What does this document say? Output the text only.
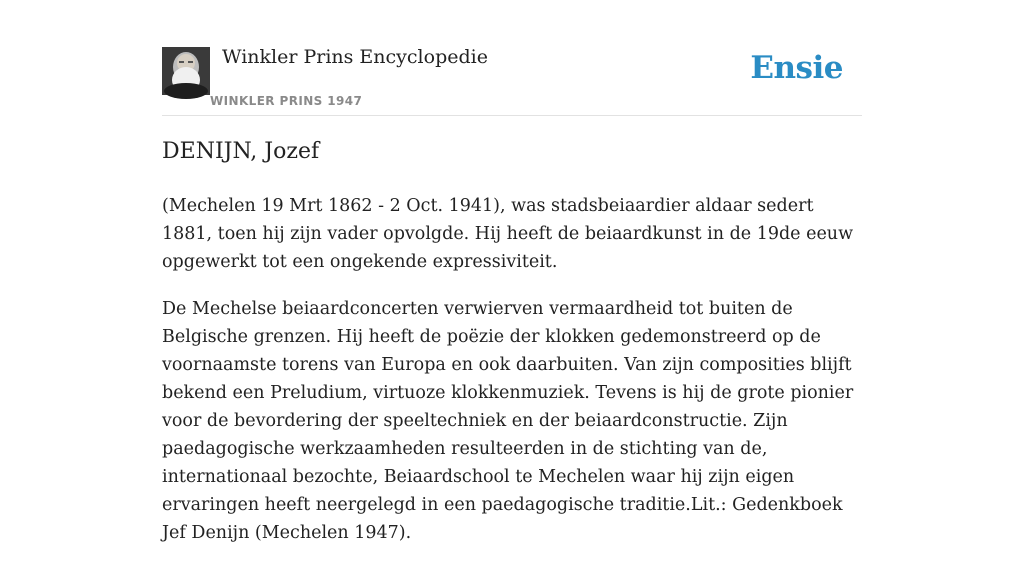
Winkler Prins Encyclopedie
WINKLER PRINS 1947
Ensie
DENIJN, Jozef

(Mechelen 19 Mrt 1862 - 2 Oct. 1941), was stadsbeiaardier aldaar sedert 1881, toen hij zijn vader opvolgde. Hij heeft de beiaardkunst in de 19de eeuw opgewerkt tot een ongekende expressiviteit.

De Mechelse beiaardconcerten verwierven vermaardheid tot buiten de Belgische grenzen. Hij heeft de poëzie der klokken gedemonstreerd op de voornaamste torens van Europa en ook daarbuiten. Van zijn composities blijft bekend een Preludium, virtuoze klokkenmuziek. Tevens is hij de grote pionier voor de bevordering der speeltechniek en der beiaardconstructie. Zijn paedagogische werkzaamheden resulteerden in de stichting van de, internationaal bezochte, Beiaardschool te Mechelen waar hij zijn eigen ervaringen heeft neergelegd in een paedagogische traditie.Lit.: Gedenkboek Jef Denijn (Mechelen 1947).
